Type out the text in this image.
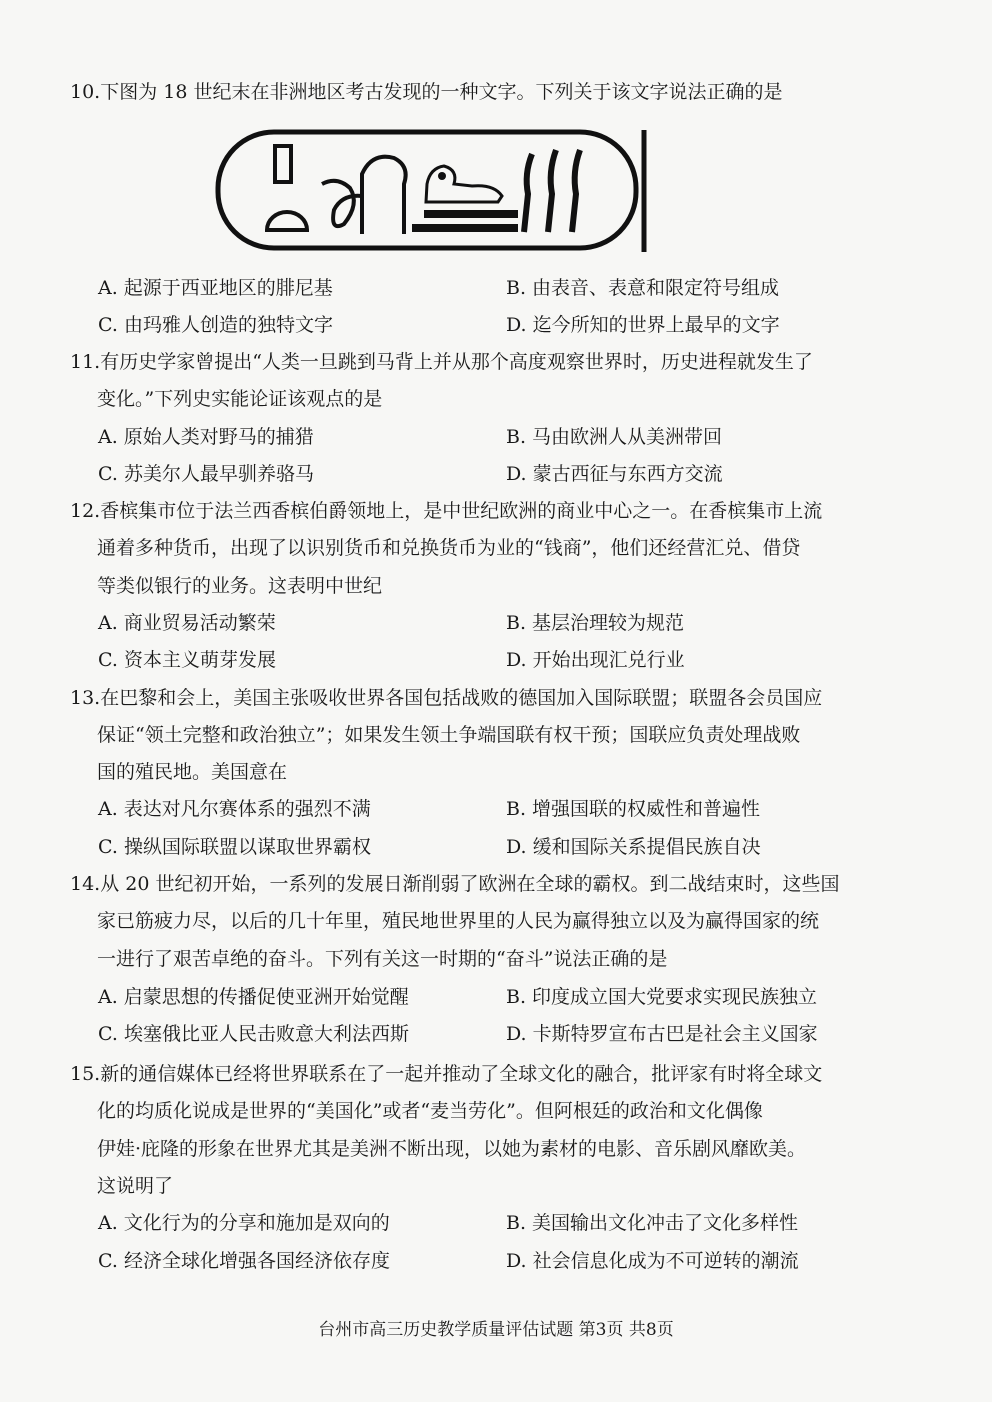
10.下图为 18 世纪末在非洲地区考古发现的一种文字。下列关于该文字说法正确的是
A. 起源于西亚地区的腓尼基	B. 由表音、表意和限定符号组成
C. 由玛雅人创造的独特文字	D. 迄今所知的世界上最早的文字
11.有历史学家曾提出“人类一旦跳到马背上并从那个高度观察世界时，历史进程就发生了
变化。”下列史实能论证该观点的是
A. 原始人类对野马的捕猎	B. 马由欧洲人从美洲带回
C. 苏美尔人最早驯养骆马	D. 蒙古西征与东西方交流
12.香槟集市位于法兰西香槟伯爵领地上，是中世纪欧洲的商业中心之一。在香槟集市上流
通着多种货币，出现了以识别货币和兑换货币为业的“钱商”，他们还经营汇兑、借贷
等类似银行的业务。这表明中世纪
A. 商业贸易活动繁荣	B. 基层治理较为规范
C. 资本主义萌芽发展	D. 开始出现汇兑行业
13.在巴黎和会上，美国主张吸收世界各国包括战败的德国加入国际联盟；联盟各会员国应
保证“领土完整和政治独立”；如果发生领土争端国联有权干预；国联应负责处理战败
国的殖民地。美国意在
A. 表达对凡尔赛体系的强烈不满	B. 增强国联的权威性和普遍性
C. 操纵国际联盟以谋取世界霸权	D. 缓和国际关系提倡民族自决
14.从 20 世纪初开始，一系列的发展日渐削弱了欧洲在全球的霸权。到二战结束时，这些国
家已筋疲力尽，以后的几十年里，殖民地世界里的人民为赢得独立以及为赢得国家的统
一进行了艰苦卓绝的奋斗。下列有关这一时期的“奋斗”说法正确的是
A. 启蒙思想的传播促使亚洲开始觉醒	B. 印度成立国大党要求实现民族独立
C. 埃塞俄比亚人民击败意大利法西斯	D. 卡斯特罗宣布古巴是社会主义国家
15.新的通信媒体已经将世界联系在了一起并推动了全球文化的融合，批评家有时将全球文
化的均质化说成是世界的“美国化”或者“麦当劳化”。但阿根廷的政治和文化偶像
伊娃·庇隆的形象在世界尤其是美洲不断出现，以她为素材的电影、音乐剧风靡欧美。
这说明了
A. 文化行为的分享和施加是双向的	B. 美国输出文化冲击了文化多样性
C. 经济全球化增强各国经济依存度	D. 社会信息化成为不可逆转的潮流
台州市高三历史教学质量评估试题 第3页 共8页
